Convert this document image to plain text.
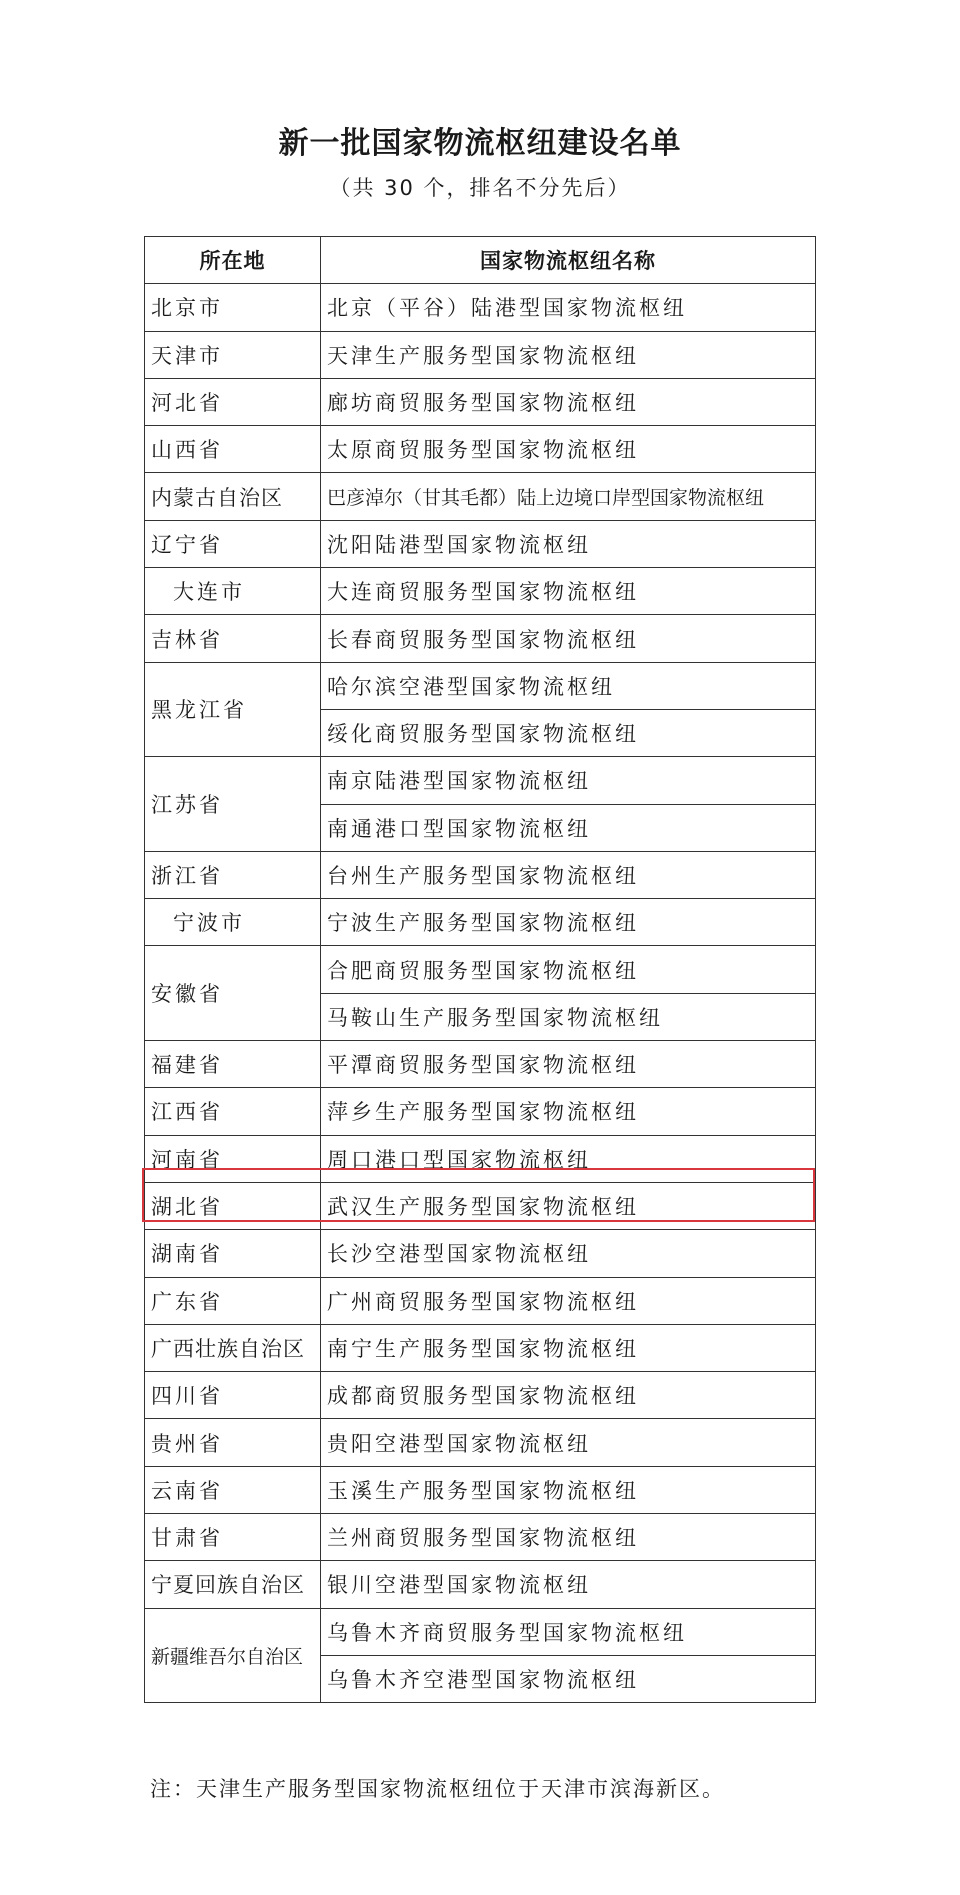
新一批国家物流枢纽建设名单
（共 30 个，排名不分先后）
所在地	国家物流枢纽名称
北京市	北京（平谷）陆港型国家物流枢纽
天津市	天津生产服务型国家物流枢纽
河北省	廊坊商贸服务型国家物流枢纽
山西省	太原商贸服务型国家物流枢纽
内蒙古自治区	巴彦淖尔（甘其毛都）陆上边境口岸型国家物流枢纽
辽宁省	沈阳陆港型国家物流枢纽
大连市	大连商贸服务型国家物流枢纽
吉林省	长春商贸服务型国家物流枢纽
黑龙江省	哈尔滨空港型国家物流枢纽
	绥化商贸服务型国家物流枢纽
江苏省	南京陆港型国家物流枢纽
	南通港口型国家物流枢纽
浙江省	台州生产服务型国家物流枢纽
宁波市	宁波生产服务型国家物流枢纽
安徽省	合肥商贸服务型国家物流枢纽
	马鞍山生产服务型国家物流枢纽
福建省	平潭商贸服务型国家物流枢纽
江西省	萍乡生产服务型国家物流枢纽
河南省	周口港口型国家物流枢纽
湖北省	武汉生产服务型国家物流枢纽
湖南省	长沙空港型国家物流枢纽
广东省	广州商贸服务型国家物流枢纽
广西壮族自治区	南宁生产服务型国家物流枢纽
四川省	成都商贸服务型国家物流枢纽
贵州省	贵阳空港型国家物流枢纽
云南省	玉溪生产服务型国家物流枢纽
甘肃省	兰州商贸服务型国家物流枢纽
宁夏回族自治区	银川空港型国家物流枢纽
新疆维吾尔自治区	乌鲁木齐商贸服务型国家物流枢纽
	乌鲁木齐空港型国家物流枢纽
注：天津生产服务型国家物流枢纽位于天津市滨海新区。
